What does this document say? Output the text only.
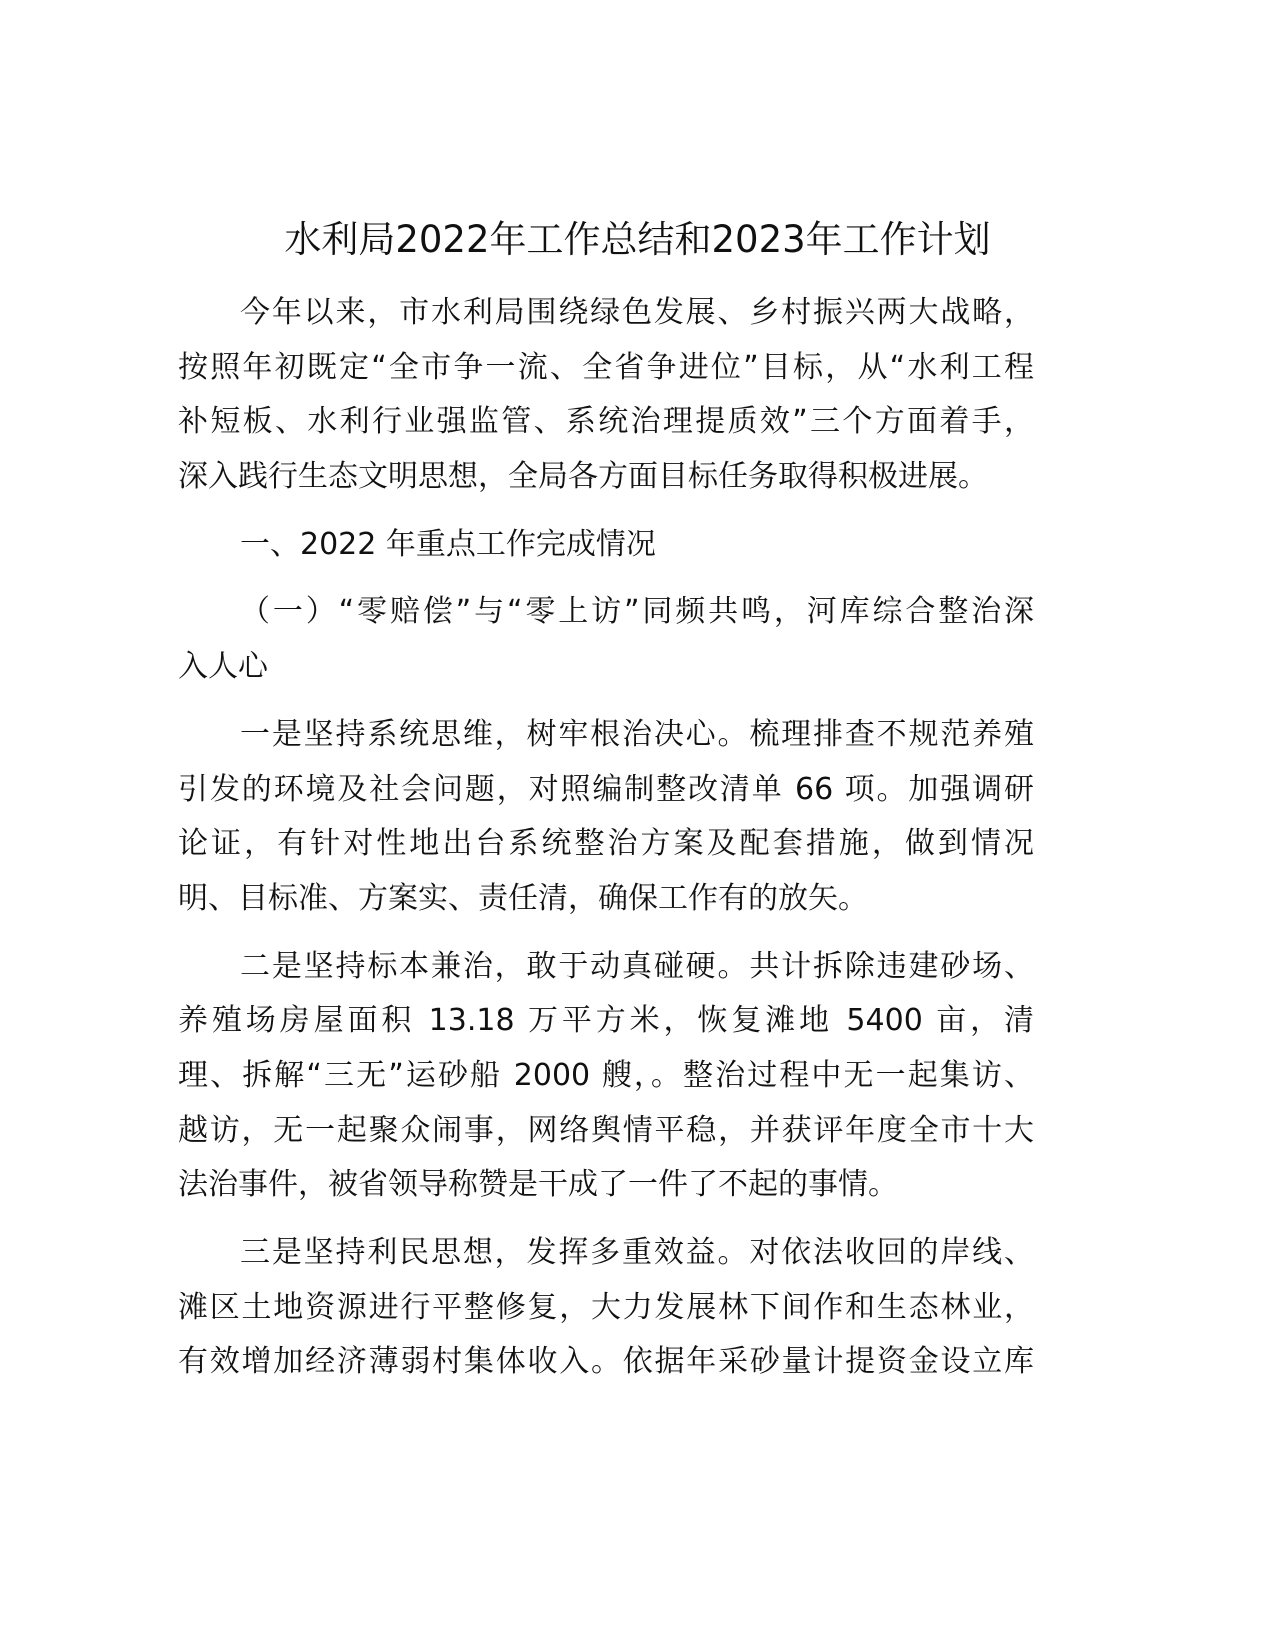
水利局2022年工作总结和2023年工作计划
今年以来，市水利局围绕绿色发展、乡村振兴两大战略，
按照年初既定“全市争一流、全省争进位”目标，从“水利工程
补短板、水利行业强监管、系统治理提质效”三个方面着手，
深入践行生态文明思想，全局各方面目标任务取得积极进展。
一、2022 年重点工作完成情况
（一）“零赔偿”与“零上访”同频共鸣，河库综合整治深
入人心
一是坚持系统思维，树牢根治决心。梳理排查不规范养殖
引发的环境及社会问题，对照编制整改清单 66 项。加强调研
论证，有针对性地出台系统整治方案及配套措施，做到情况
明、目标准、方案实、责任清，确保工作有的放矢。
二是坚持标本兼治，敢于动真碰硬。共计拆除违建砂场、
养殖场房屋面积 13.18 万平方米，恢复滩地 5400 亩，清
理、拆解“三无”运砂船 2000 艘，。整治过程中无一起集访、
越访，无一起聚众闹事，网络舆情平稳，并获评年度全市十大
法治事件，被省领导称赞是干成了一件了不起的事情。
三是坚持利民思想，发挥多重效益。对依法收回的岸线、
滩区土地资源进行平整修复，大力发展林下间作和生态林业，
有效增加经济薄弱村集体收入。依据年采砂量计提资金设立库
